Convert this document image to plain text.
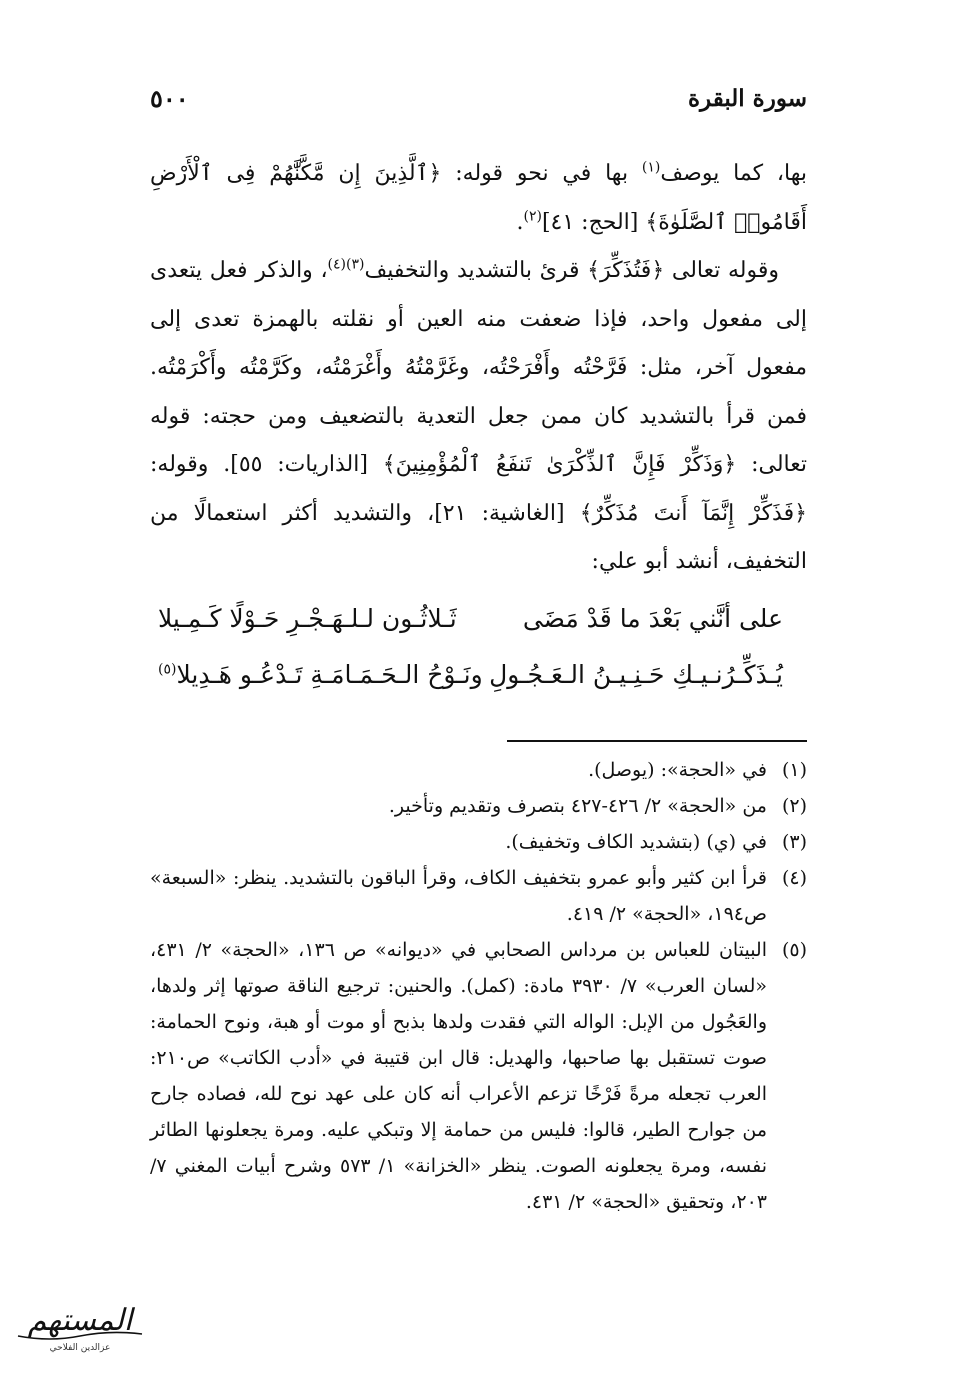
سورة البقرة
٥٠٠

بها، كما يوصف$^{(١)}$ بها في نحو قوله: ﴿ٱلَّذِينَ إِن مَّكَّنَّٰهُمْ فِى ٱلْأَرْضِ أَقَامُوا۟ ٱلصَّلَوٰةَ﴾ [الحج: ٤١]$^{(٢)}$.

وقوله تعالى ﴿فَتُذَكِّرَ﴾ قرئ بالتشديد والتخفيف$^{(٣)(٤)}$، والذكر فعل يتعدى إلى مفعول واحد، فإذا ضعفت منه العين أو نقلته بالهمزة تعدى إلى مفعول آخر، مثل: فَرَّحْتُه وأَفْرَحْتُه، وغَرَّمْتُهُ وأَغْرَمْتُه، وكَرَّمْتُه وأَكْرَمْتُه. فمن قرأ بالتشديد كان ممن جعل التعدية بالتضعيف ومن حجته: قوله تعالى: ﴿وَذَكِّرْ فَإِنَّ ٱلذِّكْرَىٰ تَنفَعُ ٱلْمُؤْمِنِينَ﴾ [الذاريات: ٥٥]. وقوله: ﴿فَذَكِّرْ إِنَّمَآ أَنتَ مُذَكِّرٌ﴾ [الغاشية: ٢١]، والتشديد أكثر استعمالًا من التخفيف، أنشد أبو علي:

على أنَّني بَعْدَ ما قَدْ مَضَى
ثَـلاثُـون لـلـهَـجْـرِ حَـوْلًا كَـمِـيلا
يُـذَكِّـرُنـيـكِ حَـنِـيـنُ الـعَـجُـولِ
ونَـوْحُ الـحَـمَـامَـةِ تَـدْعُـو هَـدِيلا$^{(٥)}$
(١)
في «الحجة»: (يوصل).
(٢)
من «الحجة» ٢/ ٤٢٦-٤٢٧ بتصرف وتقديم وتأخير.
(٣)
في (ي) (بتشديد الكاف وتخفيف).
(٤)
قرأ ابن كثير وأبو عمرو بتخفيف الكاف، وقرأ الباقون بالتشديد. ينظر: «السبعة» ص١٩٤، «الحجة» ٢/ ٤١٩.
(٥)
البيتان للعباس بن مرداس الصحابي في «ديوانه» ص ١٣٦، «الحجة» ٢/ ٤٣١، «لسان العرب» ٧/ ٣٩٣٠ مادة: (كمل). والحنين: ترجيع الناقة صوتها إثر ولدها، والعَجُول من الإبل: الواله التي فقدت ولدها بذبح أو موت أو هبة، ونوح الحمامة: صوت تستقبل بها صاحبها، والهديل: قال ابن قتيبة في «أدب الكاتب» ص٢١٠: العرب تجعله مرةً فَرْخًا تزعم الأعراب أنه كان على عهد نوح لله، فصاده جارح من جوارح الطير، قالوا: فليس من حمامة إلا وتبكي عليه. ومرة يجعلونها الطائر نفسه، ومرة يجعلونه الصوت. ينظر «الخزانة» ١/ ٥٧٣ وشرح أبيات المغني ٧/ ٢٠٣، وتحقيق «الحجة» ٢/ ٤٣١.
المستهم
عزالدين الفلاحي
